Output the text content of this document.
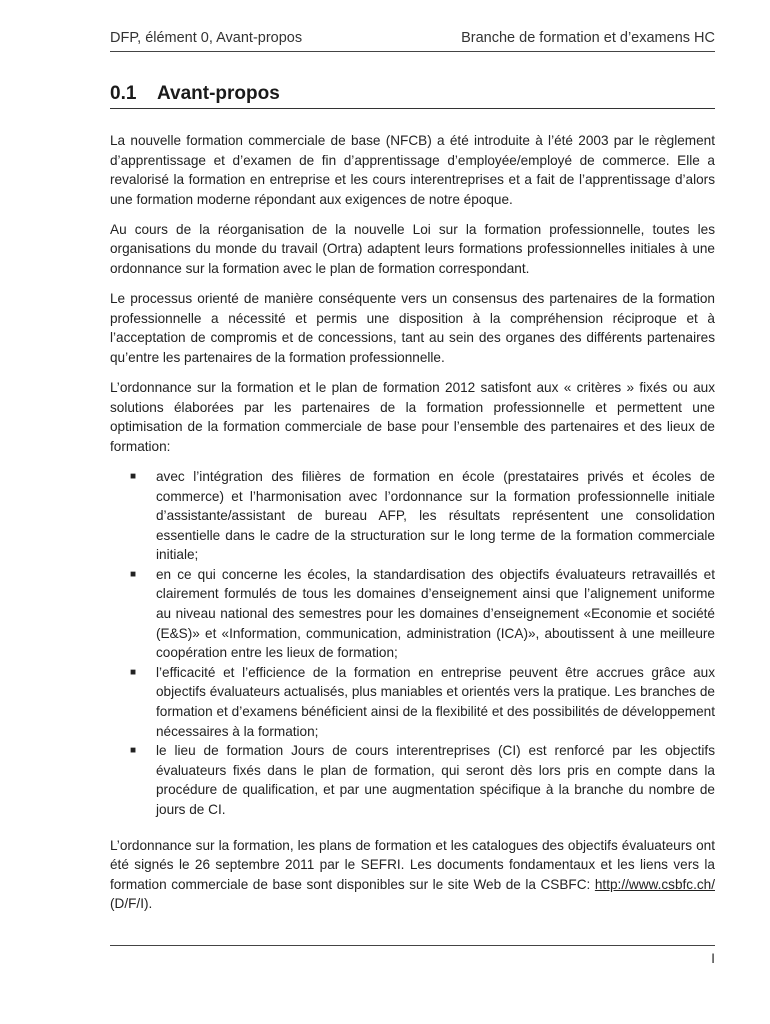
DFP, élément 0, Avant-propos	Branche de formation et d’examens HC
0.1 Avant-propos

La nouvelle formation commerciale de base (NFCB) a été introduite à l’été 2003 par le règlement d’apprentissage et d’examen de fin d’apprentissage d’employée/employé de commerce. Elle a revalorisé la formation en entreprise et les cours interentreprises et a fait de l’apprentissage d’alors une formation moderne répondant aux exigences de notre époque.

Au cours de la réorganisation de la nouvelle Loi sur la formation professionnelle, toutes les organisations du monde du travail (Ortra) adaptent leurs formations professionnelles initiales à une ordonnance sur la formation avec le plan de formation correspondant.

Le processus orienté de manière conséquente vers un consensus des partenaires de la formation professionnelle a nécessité et permis une disposition à la compréhension réciproque et à l’acceptation de compromis et de concessions, tant au sein des organes des différents partenaires qu’entre les partenaires de la formation professionnelle.

L’ordonnance sur la formation et le plan de formation 2012 satisfont aux « critères » fixés ou aux solutions élaborées par les partenaires de la formation professionnelle et permettent une optimisation de la formation commerciale de base pour l’ensemble des partenaires et des lieux de formation:

■ avec l’intégration des filières de formation en école (prestataires privés et écoles de commerce) et l’harmonisation avec l’ordonnance sur la formation professionnelle initiale d’assistante/assistant de bureau AFP, les résultats représentent une consolidation essentielle dans le cadre de la structuration sur le long terme de la formation commerciale initiale;
■ en ce qui concerne les écoles, la standardisation des objectifs évaluateurs retravaillés et clairement formulés de tous les domaines d’enseignement ainsi que l’alignement uniforme au niveau national des semestres pour les domaines d’enseignement «Economie et société (E&S)» et «Information, communication, administration (ICA)», aboutissent à une meilleure coopération entre les lieux de formation;
■ l’efficacité et l’efficience de la formation en entreprise peuvent être accrues grâce aux objectifs évaluateurs actualisés, plus maniables et orientés vers la pratique. Les branches de formation et d’examens bénéficient ainsi de la flexibilité et des possibilités de développement nécessaires à la formation;
■ le lieu de formation Jours de cours interentreprises (CI) est renforcé par les objectifs évaluateurs fixés dans le plan de formation, qui seront dès lors pris en compte dans la procédure de qualification, et par une augmentation spécifique à la branche du nombre de jours de CI.

L’ordonnance sur la formation, les plans de formation et les catalogues des objectifs évaluateurs ont été signés le 26 septembre 2011 par le SEFRI. Les documents fondamentaux et les liens vers la formation commerciale de base sont disponibles sur le site Web de la CSBFC: http://www.csbfc.ch/ (D/F/I).

I
